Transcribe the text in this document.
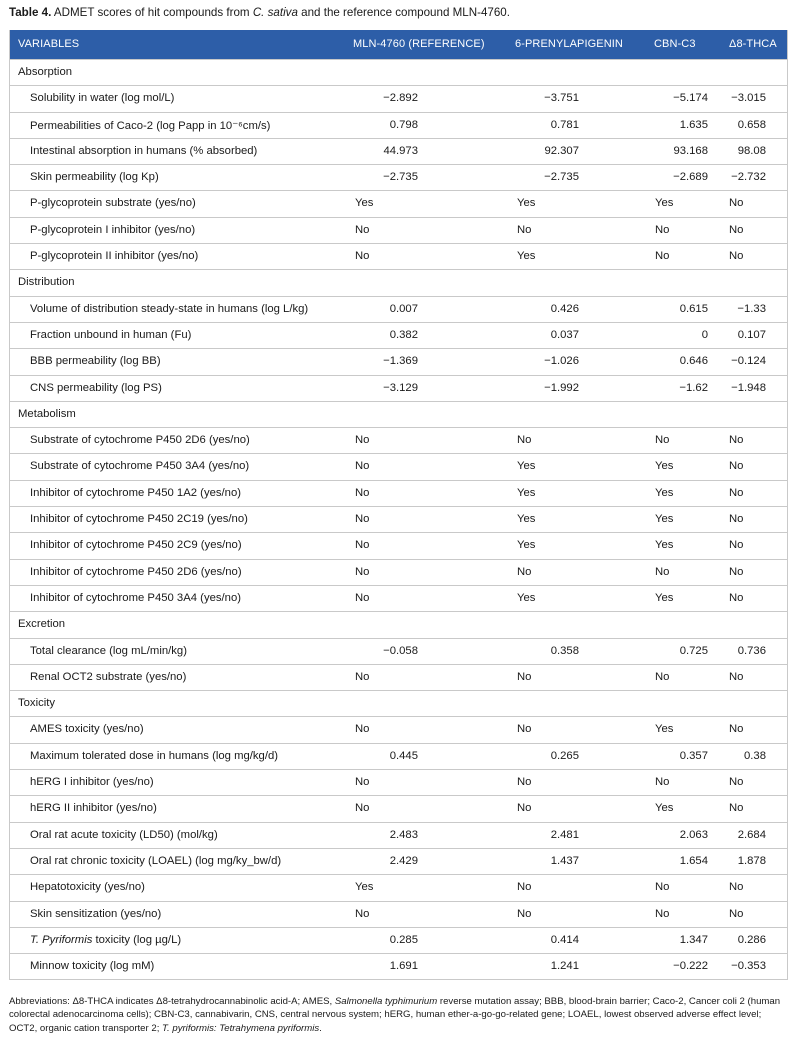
Table 4. ADMET scores of hit compounds from C. sativa and the reference compound MLN-4760.
VARIABLES	MLN-4760 (REFERENCE)	6-PRENYLAPIGENIN	CBN-C3	Δ8-THCA
Absorption
Solubility in water (log mol/L)	−2.892	−3.751	−5.174 −3.015
Permeabilities of Caco-2 (log Papp in 10⁻⁶cm/s)	0.798	0.781	1.635	0.658
Intestinal absorption in humans (% absorbed)	44.973	92.307	93.168	98.08
Skin permeability (log Kp)	−2.735	−2.735	−2.689 −2.732
P-glycoprotein substrate (yes/no)	Yes	Yes	Yes	No
P-glycoprotein I inhibitor (yes/no)	No	No	No	No
P-glycoprotein II inhibitor (yes/no)	No	Yes	No	No
Distribution
Volume of distribution steady-state in humans (log L/kg)	0.007	0.426	0.615	−1.33
Fraction unbound in human (Fu)	0.382	0.037	0	0.107
BBB permeability (log BB)	−1.369	−1.026	0.646 −0.124
CNS permeability (log PS)	−3.129	−1.992	−1.62 −1.948
Metabolism
Substrate of cytochrome P450 2D6 (yes/no)	No	No	No	No
Substrate of cytochrome P450 3A4 (yes/no)	No	Yes	Yes	No
Inhibitor of cytochrome P450 1A2 (yes/no)	No	Yes	Yes	No
Inhibitor of cytochrome P450 2C19 (yes/no)	No	Yes	Yes	No
Inhibitor of cytochrome P450 2C9 (yes/no)	No	Yes	Yes	No
Inhibitor of cytochrome P450 2D6 (yes/no)	No	No	No	No
Inhibitor of cytochrome P450 3A4 (yes/no)	No	Yes	Yes	No
Excretion
Total clearance (log mL/min/kg)	−0.058	0.358	0.725	0.736
Renal OCT2 substrate (yes/no)	No	No	No	No
Toxicity
AMES toxicity (yes/no)	No	No	Yes	No
Maximum tolerated dose in humans (log mg/kg/d)	0.445	0.265	0.357	0.38
hERG I inhibitor (yes/no)	No	No	No	No
hERG II inhibitor (yes/no)	No	No	Yes	No
Oral rat acute toxicity (LD50) (mol/kg)	2.483	2.481	2.063	2.684
Oral rat chronic toxicity (LOAEL) (log mg/ky_bw/d)	2.429	1.437	1.654	1.878
Hepatotoxicity (yes/no)	Yes	No	No	No
Skin sensitization (yes/no)	No	No	No	No
T. Pyriformis toxicity (log µg/L)	0.285	0.414	1.347	0.286
Minnow toxicity (log mM)	1.691	1.241	−0.222 −0.353
Abbreviations: Δ8-THCA indicates Δ8-tetrahydrocannabinolic acid-A; AMES, Salmonella typhimurium reverse mutation assay; BBB, blood-brain barrier; Caco-2, Cancer coli 2 (human colorectal adenocarcinoma cells); CBN-C3, cannabivarin, CNS, central nervous system; hERG, human ether-a-go-go-related gene; LOAEL, lowest observed adverse effect level; OCT2, organic cation transporter 2; T. pyriformis: Tetrahymena pyriformis.
